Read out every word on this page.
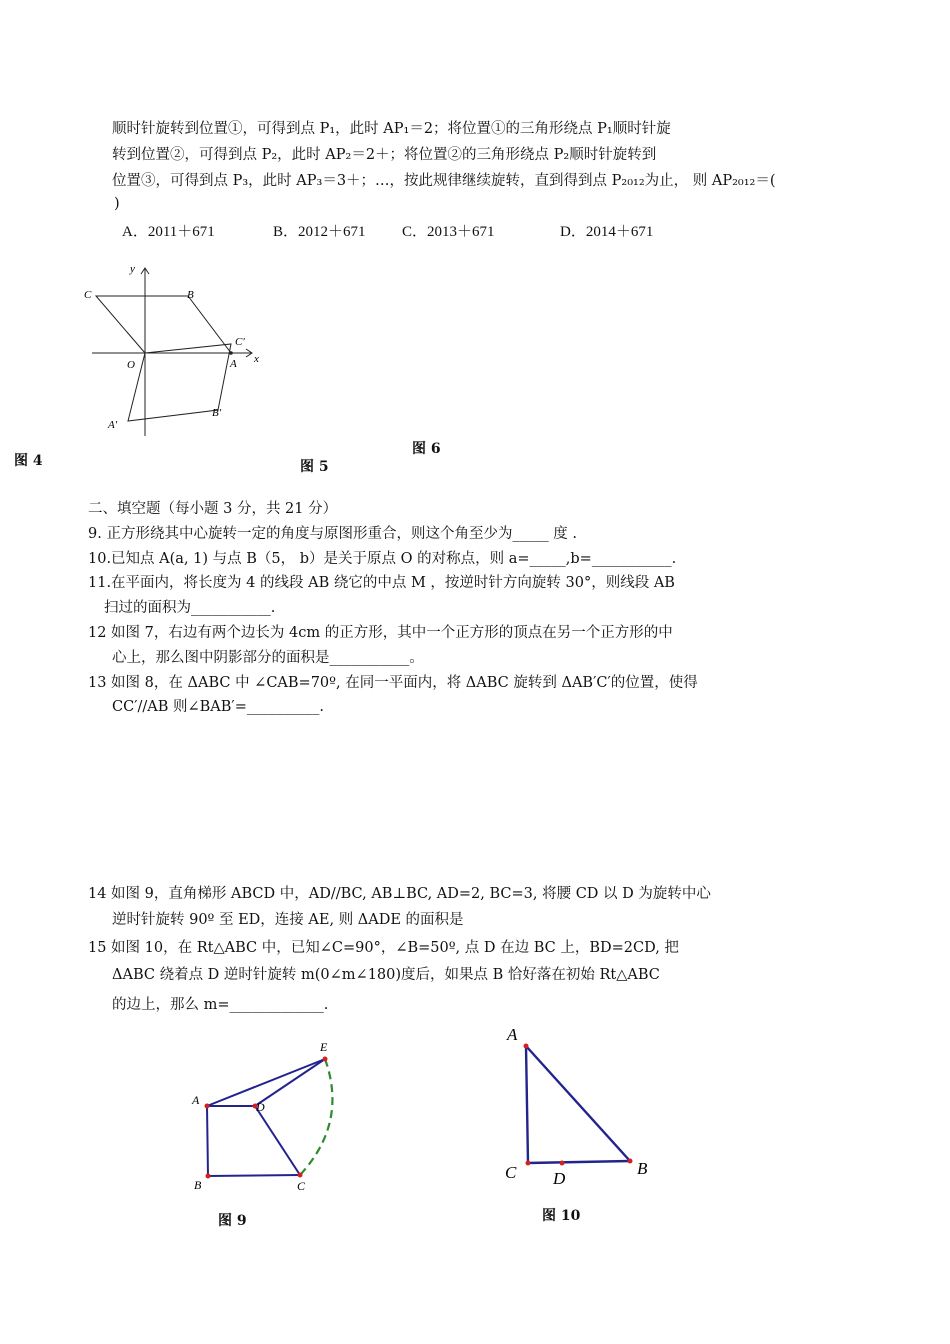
顺时针旋转到位置①，可得到点 P₁，此时 AP₁＝2；将位置①的三角形绕点 P₁顺时针旋
转到位置②，可得到点 P₂，此时 AP₂＝2＋；将位置②的三角形绕点 P₂顺时针旋转到
位置③，可得到点 P₃，此时 AP₃＝3＋；…，按此规律继续旋转，直到得到点 P₂₀₁₂为止， 则 AP₂₀₁₂＝(
)
A．2011＋671	B．2012＋671 C．2013＋671	D．2014＋671
y
C	B
C′
O	A x
A′
B′
图 4	图 5
图 6
二、填空题（每小题 3 分，共 21 分）
9. 正方形绕其中心旋转一定的角度与原图形重合，则这个角至少为_____ 度 .
10.已知点 A(a, 1) 与点 B（5， b）是关于原点 O 的对称点，则 a=_____,b=___________.
11.在平面内，将长度为 4 的线段 AB 绕它的中点 M ，按逆时针方向旋转 30°，则线段 AB
扫过的面积为___________.
12 如图 7，右边有两个边长为 4cm 的正方形，其中一个正方形的顶点在另一个正方形的中
心上，那么图中阴影部分的面积是___________。
13 如图 8，在 ΔABC 中 ∠CAB=70º, 在同一平面内，将 ΔABC 旋转到 ΔAB′C′的位置，使得
CC′//AB 则∠BAB′=__________.
14 如图 9，直角梯形 ABCD 中，AD//BC, AB⊥BC, AD=2, BC=3, 将腰 CD 以 D 为旋转中心
逆时针旋转 90º 至 ED，连接 AE, 则 ΔADE 的面积是
15 如图 10，在 Rt△ABC 中，已知∠C=90°，∠B=50º, 点 D 在边 BC 上，BD=2CD, 把
ΔABC 绕着点 D 逆时针旋转 m(0∠m∠180)度后，如果点 B 恰好落在初始 Rt△ABC
的边上，那么 m=_____________.
E
A	D
B	C
图 9
A
C D
B
图 10
